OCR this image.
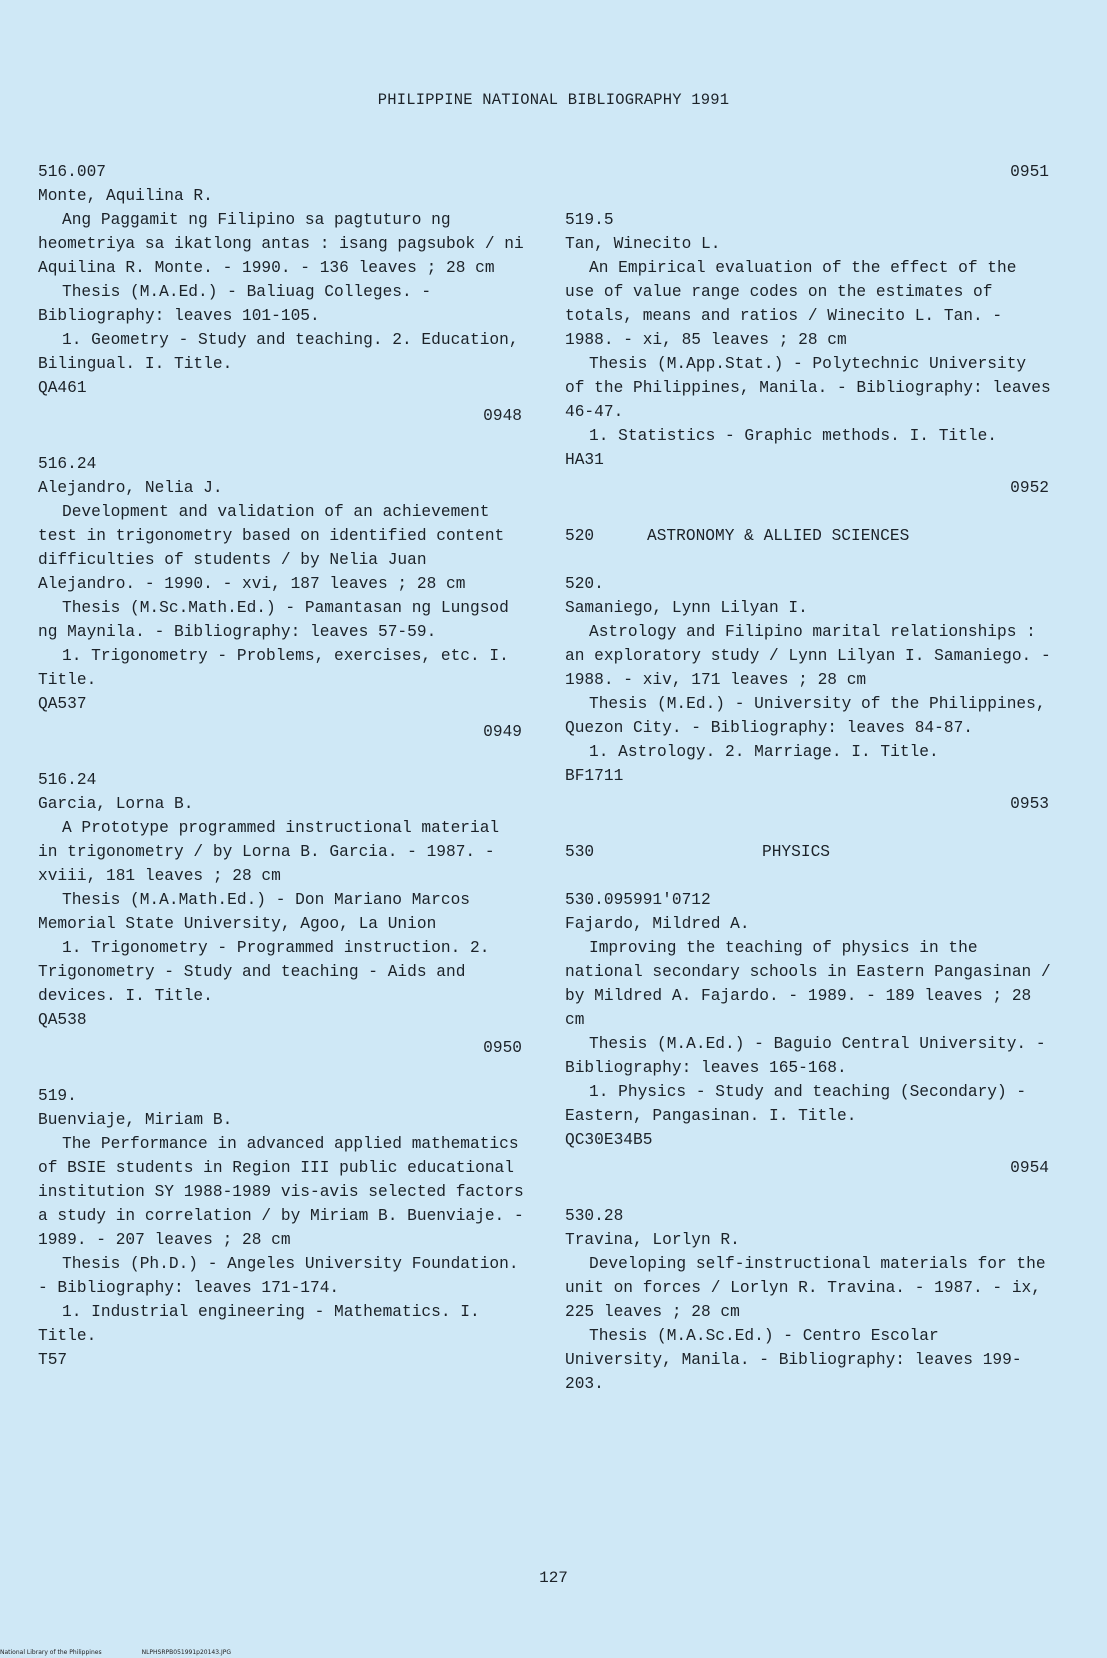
PHILIPPINE NATIONAL BIBLIOGRAPHY 1991
516.007
Monte, Aquilina R.
Ang Paggamit ng Filipino sa pagtuturo ng heometriya sa ikatlong antas : isang pagsubok / ni Aquilina R. Monte. - 1990. - 136 leaves ; 28 cm
Thesis (M.A.Ed.) - Baliuag Colleges. - Bibliography: leaves 101-105.
1. Geometry - Study and teaching. 2. Education, Bilingual. I. Title.
QA461
0948
516.24
Alejandro, Nelia J.
Development and validation of an achievement test in trigonometry based on identified content difficulties of students / by Nelia Juan Alejandro. - 1990. - xvi, 187 leaves ; 28 cm
Thesis (M.Sc.Math.Ed.) - Pamantasan ng Lungsod ng Maynila. - Bibliography: leaves 57-59.
1. Trigonometry - Problems, exercises, etc. I. Title.
QA537
0949
516.24
Garcia, Lorna B.
A Prototype programmed instructional material in trigonometry / by Lorna B. Garcia. - 1987. - xviii, 181 leaves ; 28 cm
Thesis (M.A.Math.Ed.) - Don Mariano Marcos Memorial State University, Agoo, La Union
1. Trigonometry - Programmed instruction. 2. Trigonometry - Study and teaching - Aids and devices. I. Title.
QA538
0950
519.
Buenviaje, Miriam B.
The Performance in advanced applied mathematics of BSIE students in Region III public educational institution SY 1988-1989 vis-avis selected factors a study in correlation / by Miriam B. Buenviaje. - 1989. - 207 leaves ; 28 cm
Thesis (Ph.D.) - Angeles University Foundation. - Bibliography: leaves 171-174.
1. Industrial engineering - Mathematics. I. Title.
T57
0951
519.5
Tan, Winecito L.
An Empirical evaluation of the effect of the use of value range codes on the estimates of totals, means and ratios / Winecito L. Tan. - 1988. - xi, 85 leaves ; 28 cm
Thesis (M.App.Stat.) - Polytechnic University of the Philippines, Manila. - Bibliography: leaves 46-47.
1. Statistics - Graphic methods. I. Title.
HA31
0952
520	ASTRONOMY & ALLIED SCIENCES
520.
Samaniego, Lynn Lilyan I.
Astrology and Filipino marital relationships : an exploratory study / Lynn Lilyan I. Samaniego. - 1988. - xiv, 171 leaves ; 28 cm
Thesis (M.Ed.) - University of the Philippines, Quezon City. - Bibliography: leaves 84-87.
1. Astrology. 2. Marriage. I. Title.
BF1711
0953
530	PHYSICS
530.095991'0712
Fajardo, Mildred A.
Improving the teaching of physics in the national secondary schools in Eastern Pangasinan / by Mildred A. Fajardo. - 1989. - 189 leaves ; 28 cm
Thesis (M.A.Ed.) - Baguio Central University. - Bibliography: leaves 165-168.
1. Physics - Study and teaching (Secondary) - Eastern, Pangasinan. I. Title.
QC30E34B5
0954
530.28
Travina, Lorlyn R.
Developing self-instructional materials for the unit on forces / Lorlyn R. Travina. - 1987. - ix, 225 leaves ; 28 cm
Thesis (M.A.Sc.Ed.) - Centro Escolar University, Manila. - Bibliography: leaves 199-203.
127
National Library of the Philippines	NLPHSRPB051991p20143.JPG
